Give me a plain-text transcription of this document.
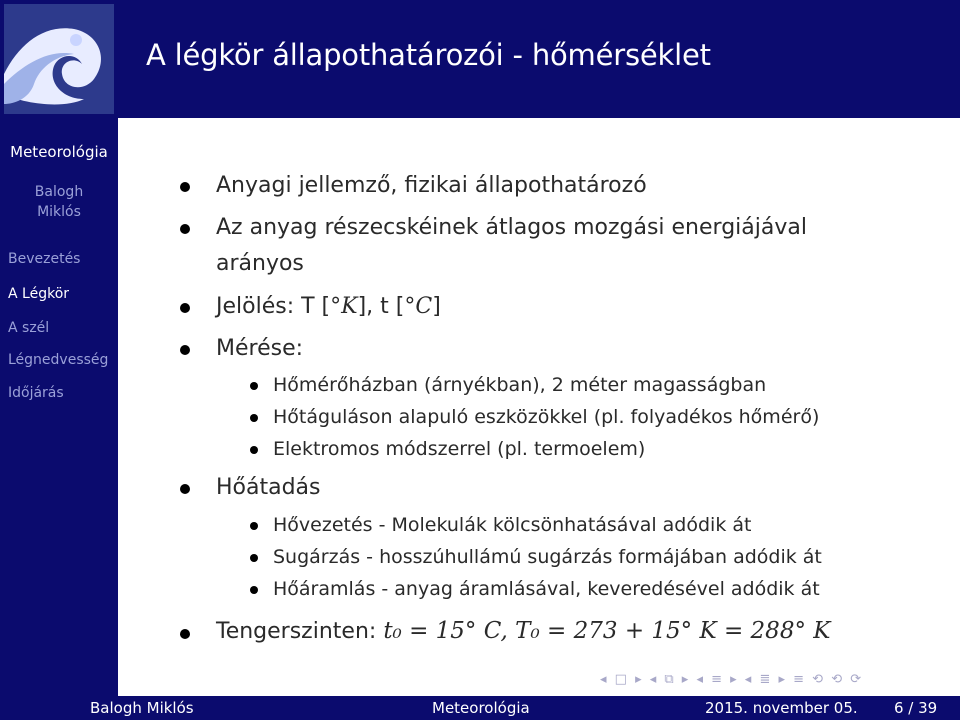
Meteorológia
Balogh
Miklós
Bevezetés
A Légkör
A szél
Légnedvesség
Időjárás
A légkör állapothatározói - hőmérséklet
Anyagi jellemző, fizikai állapothatározó
Az anyag részecskéinek átlagos mozgási energiájával
arányos
Jelölés: T [°K], t [°C]
Mérése:
Hőmérőházban (árnyékban), 2 méter magasságban
Hőtáguláson alapuló eszközökkel (pl. folyadékos hőmérő)
Elektromos módszerrel (pl. termoelem)
Hőátadás
Hővezetés - Molekulák kölcsönhatásával adódik át
Sugárzás - hosszúhullámú sugárzás formájában adódik át
Hőáramlás - anyag áramlásával, keveredésével adódik át
Tengerszinten: t₀ = 15° C, T₀ = 273 + 15° K = 288° K
◂ □ ▸ ◂ ⧉ ▸ ◂ ≡ ▸ ◂ ≣ ▸ ≡ ⟲ ⟲ ⟳
Balogh Miklós	Meteorológia	2015. november 05. 6 / 39
